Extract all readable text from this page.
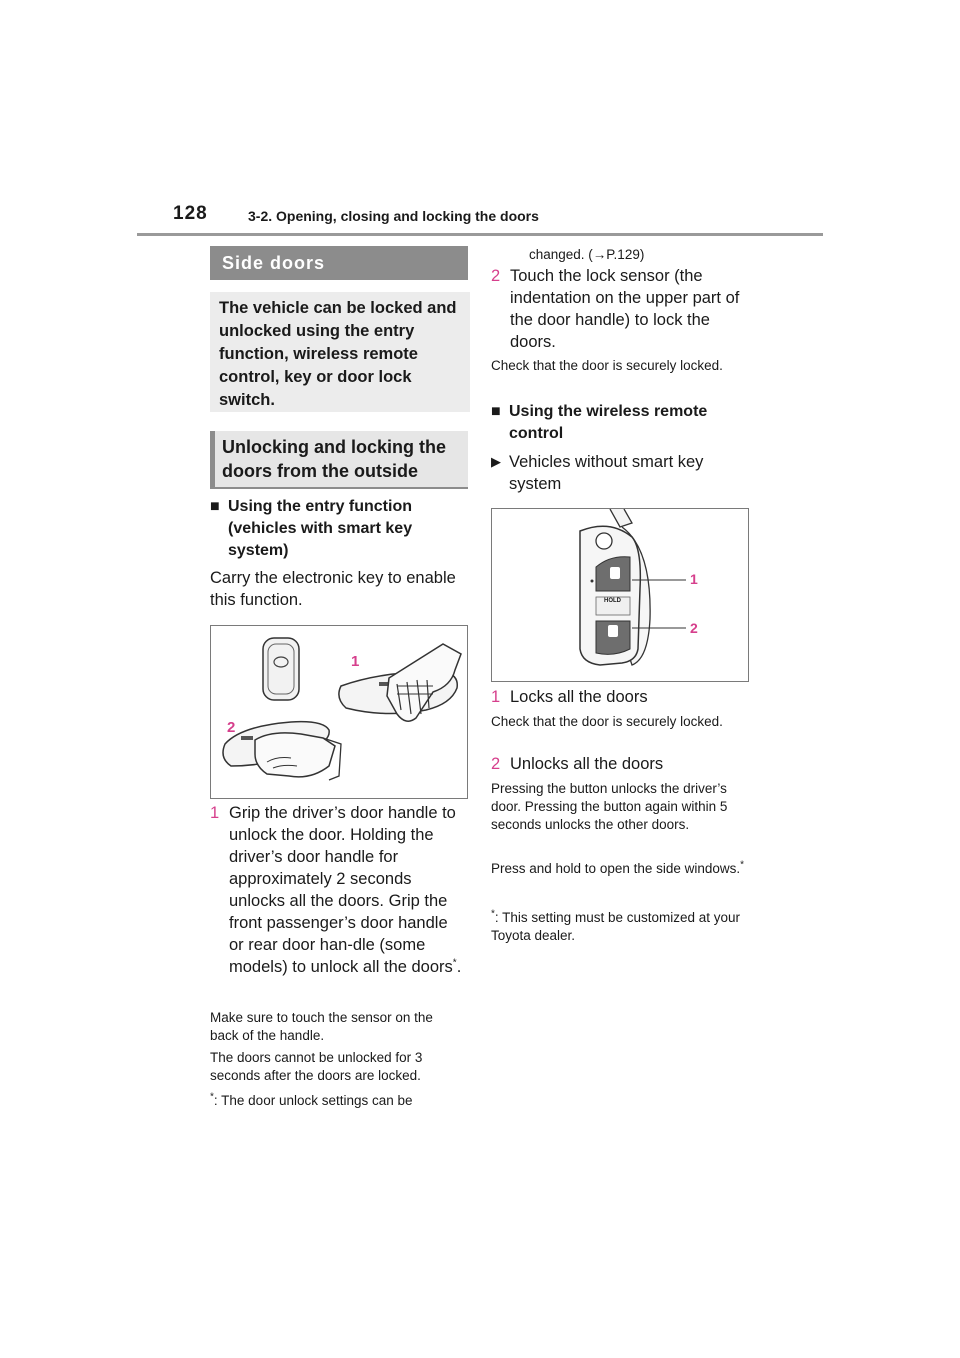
128	3-2. Opening, closing and locking the doors
Side doors
The vehicle can be locked and unlocked using the entry function, wireless remote control, key or door lock switch.
Unlocking and locking the doors from the outside
■ Using the entry function (vehicles with smart key system)
Carry the electronic key to enable this function.
1
2
1 Grip the driver’s door handle to unlock the door. Holding the driver’s door handle for approximately 2 seconds unlocks all the doors. Grip the front passenger’s door handle or rear door han-dle (some models) to unlock all the doors*.
Make sure to touch the sensor on the back of the handle.
The doors cannot be unlocked for 3 seconds after the doors are locked.
*: The door unlock settings can be
changed. (→P.129)
2 Touch the lock sensor (the indentation on the upper part of the door handle) to lock the doors.
Check that the door is securely locked.
■ Using the wireless remote control
▶ Vehicles without smart key system
HOLD
1
2
1 Locks all the doors
Check that the door is securely locked.
2 Unlocks all the doors
Pressing the button unlocks the driver’s door. Pressing the button again within 5 seconds unlocks the other doors.
Press and hold to open the side windows.*
*: This setting must be customized at your Toyota dealer.
